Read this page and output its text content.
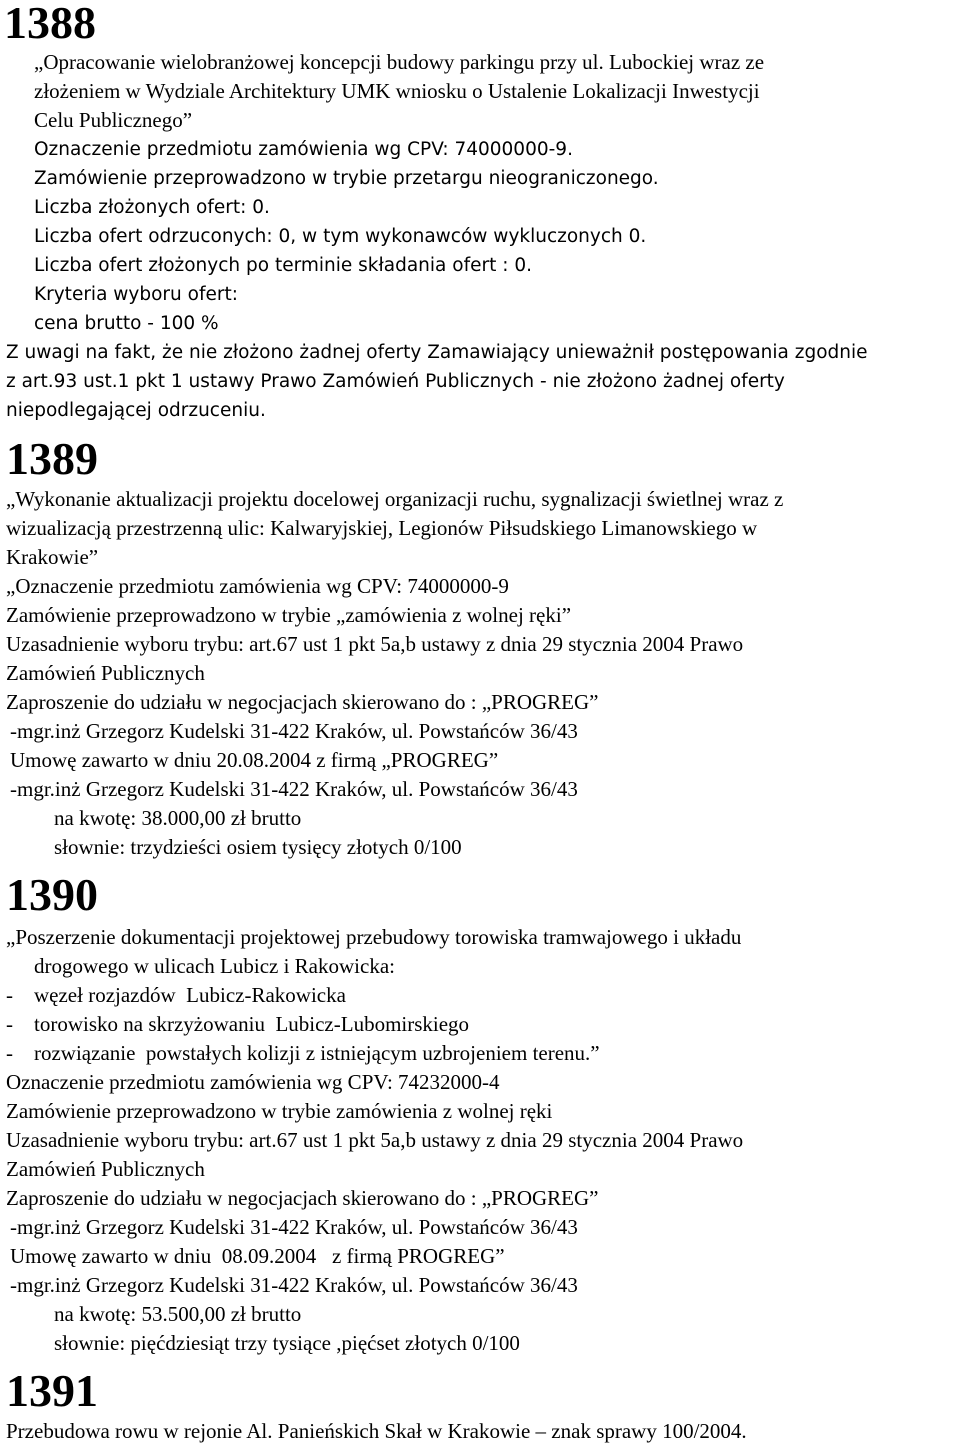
1388
„Opracowanie wielobranżowej koncepcji budowy parkingu przy ul. Lubockiej wraz ze
złożeniem w Wydziale Architektury UMK wniosku o Ustalenie Lokalizacji Inwestycji
Celu Publicznego”
Oznaczenie przedmiotu zamówienia wg CPV: 74000000-9.
Zamówienie przeprowadzono w trybie przetargu nieograniczonego.
Liczba złożonych ofert: 0.
Liczba ofert odrzuconych: 0, w tym wykonawców wykluczonych 0.
Liczba ofert złożonych po terminie składania ofert : 0.
Kryteria wyboru ofert:
cena brutto - 100 %
Z uwagi na fakt, że nie złożono żadnej oferty Zamawiający unieważnił postępowania zgodnie
z art.93 ust.1 pkt 1 ustawy Prawo Zamówień Publicznych - nie złożono żadnej oferty
niepodlegającej odrzuceniu.
1389
„Wykonanie aktualizacji projektu docelowej organizacji ruchu, sygnalizacji świetlnej wraz z
wizualizacją przestrzenną ulic: Kalwaryjskiej, Legionów Piłsudskiego Limanowskiego w
Krakowie”
„Oznaczenie przedmiotu zamówienia wg CPV: 74000000-9
Zamówienie przeprowadzono w trybie „zamówienia z wolnej ręki”
Uzasadnienie wyboru trybu: art.67 ust 1 pkt 5a,b ustawy z dnia 29 stycznia 2004 Prawo
Zamówień Publicznych
Zaproszenie do udziału w negocjacjach skierowano do : „PROGREG”
-mgr.inż Grzegorz Kudelski 31-422 Kraków, ul. Powstańców 36/43
Umowę zawarto w dniu 20.08.2004 z firmą „PROGREG”
-mgr.inż Grzegorz Kudelski 31-422 Kraków, ul. Powstańców 36/43
na kwotę: 38.000,00 zł brutto
słownie: trzydzieści osiem tysięcy złotych 0/100
1390
„Poszerzenie dokumentacji projektowej przebudowy torowiska tramwajowego i układu
drogowego w ulicach Lubicz i Rakowicka:
-    węzeł rozjazdów  Lubicz-Rakowicka
-    torowisko na skrzyżowaniu  Lubicz-Lubomirskiego
-    rozwiązanie  powstałych kolizji z istniejącym uzbrojeniem terenu.”
Oznaczenie przedmiotu zamówienia wg CPV: 74232000-4
Zamówienie przeprowadzono w trybie zamówienia z wolnej ręki
Uzasadnienie wyboru trybu: art.67 ust 1 pkt 5a,b ustawy z dnia 29 stycznia 2004 Prawo
Zamówień Publicznych
Zaproszenie do udziału w negocjacjach skierowano do : „PROGREG”
-mgr.inż Grzegorz Kudelski 31-422 Kraków, ul. Powstańców 36/43
Umowę zawarto w dniu  08.09.2004   z firmą PROGREG”
-mgr.inż Grzegorz Kudelski 31-422 Kraków, ul. Powstańców 36/43
na kwotę: 53.500,00 zł brutto
słownie: pięćdziesiąt trzy tysiące ,pięćset złotych 0/100
1391
Przebudowa rowu w rejonie Al. Panieńskich Skał w Krakowie – znak sprawy 100/2004.
